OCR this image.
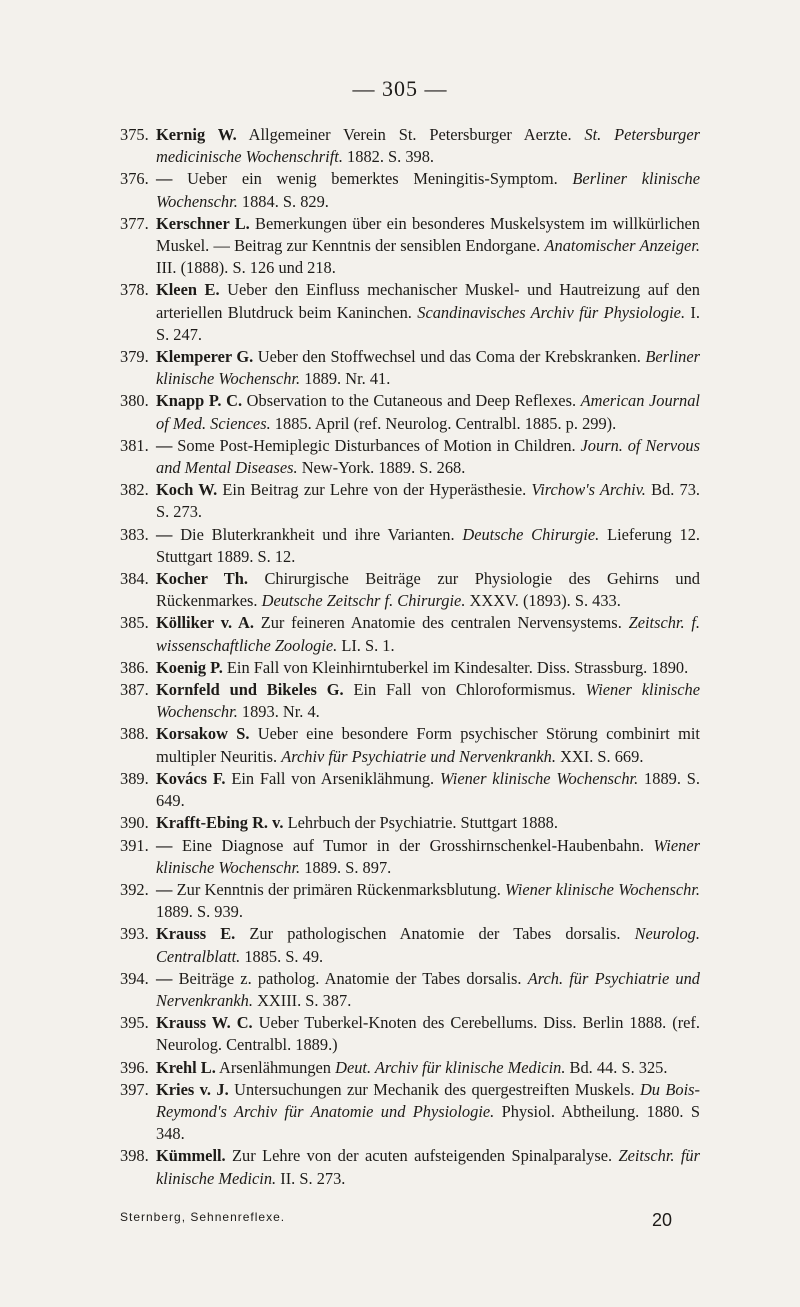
— 305 —

375. Kernig W. Allgemeiner Verein St. Petersburger Aerzte. St. Petersburger medicinische Wochenschrift. 1882. S. 398.

376. — Ueber ein wenig bemerktes Meningitis-Symptom. Berliner klinische Wochenschr. 1884. S. 829.

377. Kerschner L. Bemerkungen über ein besonderes Muskelsystem im willkürlichen Muskel. — Beitrag zur Kenntnis der sensiblen Endorgane. Anatomischer Anzeiger. III. (1888). S. 126 und 218.

378. Kleen E. Ueber den Einfluss mechanischer Muskel- und Hautreizung auf den arteriellen Blutdruck beim Kaninchen. Scandinavisches Archiv für Physiologie. I. S. 247.

379. Klemperer G. Ueber den Stoffwechsel und das Coma der Krebskranken. Berliner klinische Wochenschr. 1889. Nr. 41.

380. Knapp P. C. Observation to the Cutaneous and Deep Reflexes. American Journal of Med. Sciences. 1885. April (ref. Neurolog. Centralbl. 1885. p. 299).

381. — Some Post-Hemiplegic Disturbances of Motion in Children. Journ. of Nervous and Mental Diseases. New-York. 1889. S. 268.

382. Koch W. Ein Beitrag zur Lehre von der Hyperästhesie. Virchow's Archiv. Bd. 73. S. 273.

383. — Die Bluterkrankheit und ihre Varianten. Deutsche Chirurgie. Lieferung 12. Stuttgart 1889. S. 12.

384. Kocher Th. Chirurgische Beiträge zur Physiologie des Gehirns und Rückenmarkes. Deutsche Zeitschr f. Chirurgie. XXXV. (1893). S. 433.

385. Kölliker v. A. Zur feineren Anatomie des centralen Nervensystems. Zeitschr. f. wissenschaftliche Zoologie. LI. S. 1.

386. Koenig P. Ein Fall von Kleinhirntuberkel im Kindesalter. Diss. Strassburg. 1890.

387. Kornfeld und Bikeles G. Ein Fall von Chloroformismus. Wiener klinische Wochenschr. 1893. Nr. 4.

388. Korsakow S. Ueber eine besondere Form psychischer Störung combinirt mit multipler Neuritis. Archiv für Psychiatrie und Nervenkrankh. XXI. S. 669.

389. Kovács F. Ein Fall von Arseniklähmung. Wiener klinische Wochenschr. 1889. S. 649.

390. Krafft-Ebing R. v. Lehrbuch der Psychiatrie. Stuttgart 1888.

391. — Eine Diagnose auf Tumor in der Grosshirnschenkel-Haubenbahn. Wiener klinische Wochenschr. 1889. S. 897.

392. — Zur Kenntnis der primären Rückenmarksblutung. Wiener klinische Wochenschr. 1889. S. 939.

393. Krauss E. Zur pathologischen Anatomie der Tabes dorsalis. Neurolog. Centralblatt. 1885. S. 49.

394. — Beiträge z. patholog. Anatomie der Tabes dorsalis. Arch. für Psychiatrie und Nervenkrankh. XXIII. S. 387.

395. Krauss W. C. Ueber Tuberkel-Knoten des Cerebellums. Diss. Berlin 1888. (ref. Neurolog. Centralbl. 1889.)

396. Krehl L. Arsenlähmungen Deut. Archiv für klinische Medicin. Bd. 44. S. 325.

397. Kries v. J. Untersuchungen zur Mechanik des quergestreiften Muskels. Du Bois-Reymond's Archiv für Anatomie und Physiologie. Physiol. Abtheilung. 1880. S 348.

398. Kümmell. Zur Lehre von der acuten aufsteigenden Spinalparalyse. Zeitschr. für klinische Medicin. II. S. 273.

Sternberg, Sehnenreflexe.	20
